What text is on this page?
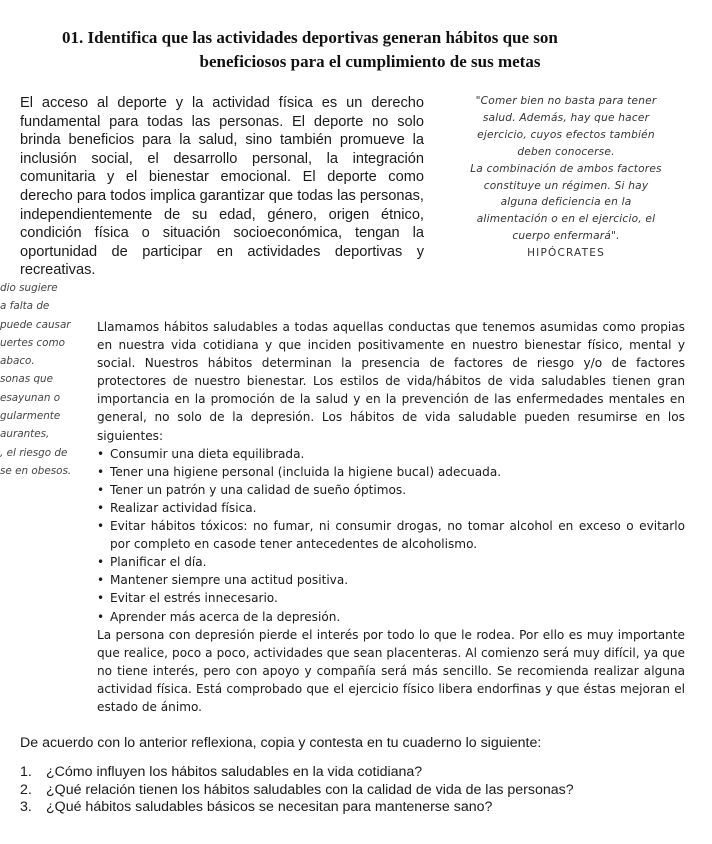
01. Identifica que las actividades deportivas generan hábitos que son

beneficiosos para el cumplimiento de sus metas
El acceso al deporte y la actividad física es un derecho fundamental para todas las personas. El deporte no solo brinda beneficios para la salud, sino también promueve la inclusión social, el desarrollo personal, la integración comunitaria y el bienestar emocional. El deporte como derecho para todos implica garantizar que todas las personas, independientemente de su edad, género, origen étnico, condición física o situación socioeconómica, tengan la oportunidad de participar en actividades deportivas y recreativas.
"Comer bien no basta para tener
salud. Además, hay que hacer
ejercicio, cuyos efectos también
deben conocerse.
La combinación de ambos factores
constituye un régimen. Si hay
alguna deficiencia en la
alimentación o en el ejercicio, el
cuerpo enfermará".
HIPÓCRATES
dio sugiere
a falta de
puede causar
uertes como
abaco.
sonas que
esayunan o
gularmente
aurantes,
, el riesgo de
se en obesos.

Llamamos hábitos saludables a todas aquellas conductas que tenemos asumidas como propias en nuestra vida cotidiana y que inciden positivamente en nuestro bienestar físico, mental y social. Nuestros hábitos determinan la presencia de factores de riesgo y/o de factores protectores de nuestro bienestar. Los estilos de vida/hábitos de vida saludables tienen gran importancia en la promoción de la salud y en la prevención de las enfermedades mentales en general, no solo de la depresión. Los hábitos de vida saludable pueden resumirse en los siguientes:

• Consumir una dieta equilibrada.
• Tener una higiene personal (incluida la higiene bucal) adecuada.
• Tener un patrón y una calidad de sueño óptimos.
• Realizar actividad física.
• Evitar hábitos tóxicos: no fumar, ni consumir drogas, no tomar alcohol en exceso o evitarlo por completo en casode tener antecedentes de alcoholismo.
• Planificar el día.
• Mantener siempre una actitud positiva.
• Evitar el estrés innecesario.
• Aprender más acerca de la depresión.

La persona con depresión pierde el interés por todo lo que le rodea. Por ello es muy importante que realice, poco a poco, actividades que sean placenteras. Al comienzo será muy difícil, ya que no tiene interés, pero con apoyo y compañía será más sencillo. Se recomienda realizar alguna actividad física. Está comprobado que el ejercicio físico libera endorfinas y que éstas mejoran el estado de ánimo.

De acuerdo con lo anterior reflexiona, copia y contesta en tu cuaderno lo siguiente:
1. ¿Cómo influyen los hábitos saludables en la vida cotidiana?
2. ¿Qué relación tienen los hábitos saludables con la calidad de vida de las personas?
3. ¿Qué hábitos saludables básicos se necesitan para mantenerse sano?
